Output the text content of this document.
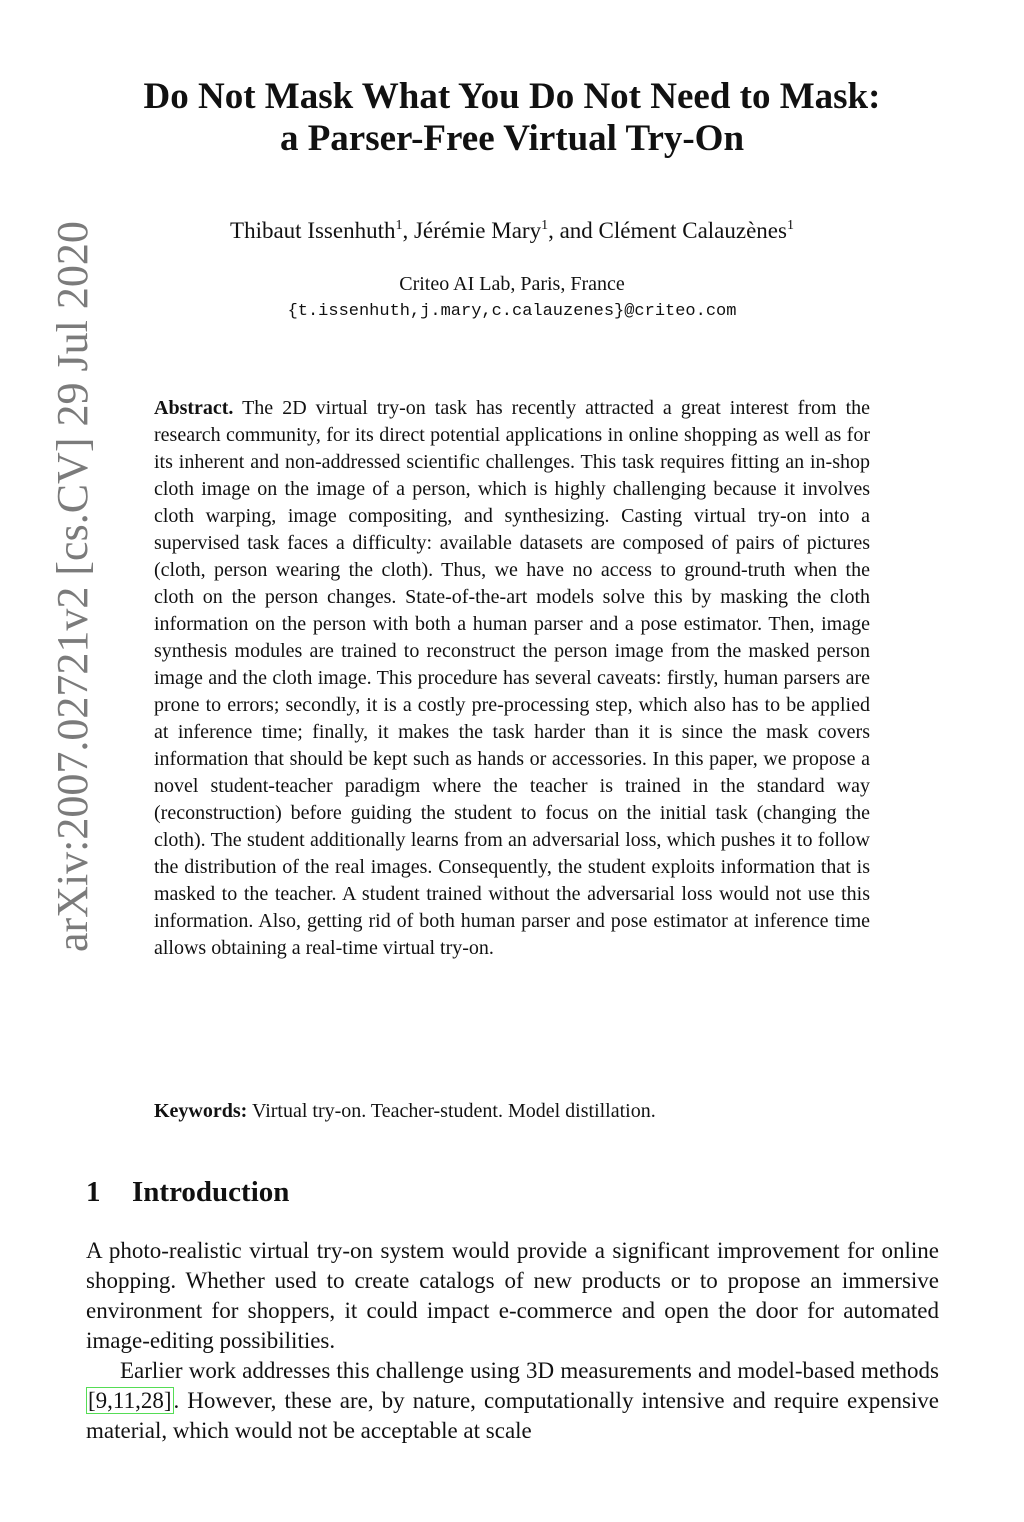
arXiv:2007.02721v2 [cs.CV] 29 Jul 2020
Do Not Mask What You Do Not Need to Mask:
a Parser-Free Virtual Try-On
Thibaut Issenhuth$^1$, Jérémie Mary$^1$, and Clément Calauzènes$^1$
Criteo AI Lab, Paris, France
{t.issenhuth,j.mary,c.calauzenes}@criteo.com

Abstract. The 2D virtual try-on task has recently attracted a great interest from the research community, for its direct potential applications in online shopping as well as for its inherent and non-addressed scientific challenges. This task requires fitting an in-shop cloth image on the image of a person, which is highly challenging because it involves cloth warping, image compositing, and synthesizing. Casting virtual try-on into a supervised task faces a difficulty: available datasets are composed of pairs of pictures (cloth, person wearing the cloth). Thus, we have no access to ground-truth when the cloth on the person changes. State-of-the-art models solve this by masking the cloth information on the person with both a human parser and a pose estimator. Then, image synthesis modules are trained to reconstruct the person image from the masked person image and the cloth image. This procedure has several caveats: firstly, human parsers are prone to errors; secondly, it is a costly pre-processing step, which also has to be applied at inference time; finally, it makes the task harder than it is since the mask covers information that should be kept such as hands or accessories. In this paper, we propose a novel student-teacher paradigm where the teacher is trained in the standard way (reconstruction) before guiding the student to focus on the initial task (changing the cloth). The student additionally learns from an adversarial loss, which pushes it to follow the distribution of the real images. Consequently, the student exploits information that is masked to the teacher. A student trained without the adversarial loss would not use this information. Also, getting rid of both human parser and pose estimator at inference time allows obtaining a real-time virtual try-on.

Keywords: Virtual try-on. Teacher-student. Model distillation.

1 Introduction

A photo-realistic virtual try-on system would provide a significant improvement for online shopping. Whether used to create catalogs of new products or to propose an immersive environment for shoppers, it could impact e-commerce and open the door for automated image-editing possibilities.

Earlier work addresses this challenge using 3D measurements and model-based methods [9,11,28]. However, these are, by nature, computationally intensive and require expensive material, which would not be acceptable at scale
